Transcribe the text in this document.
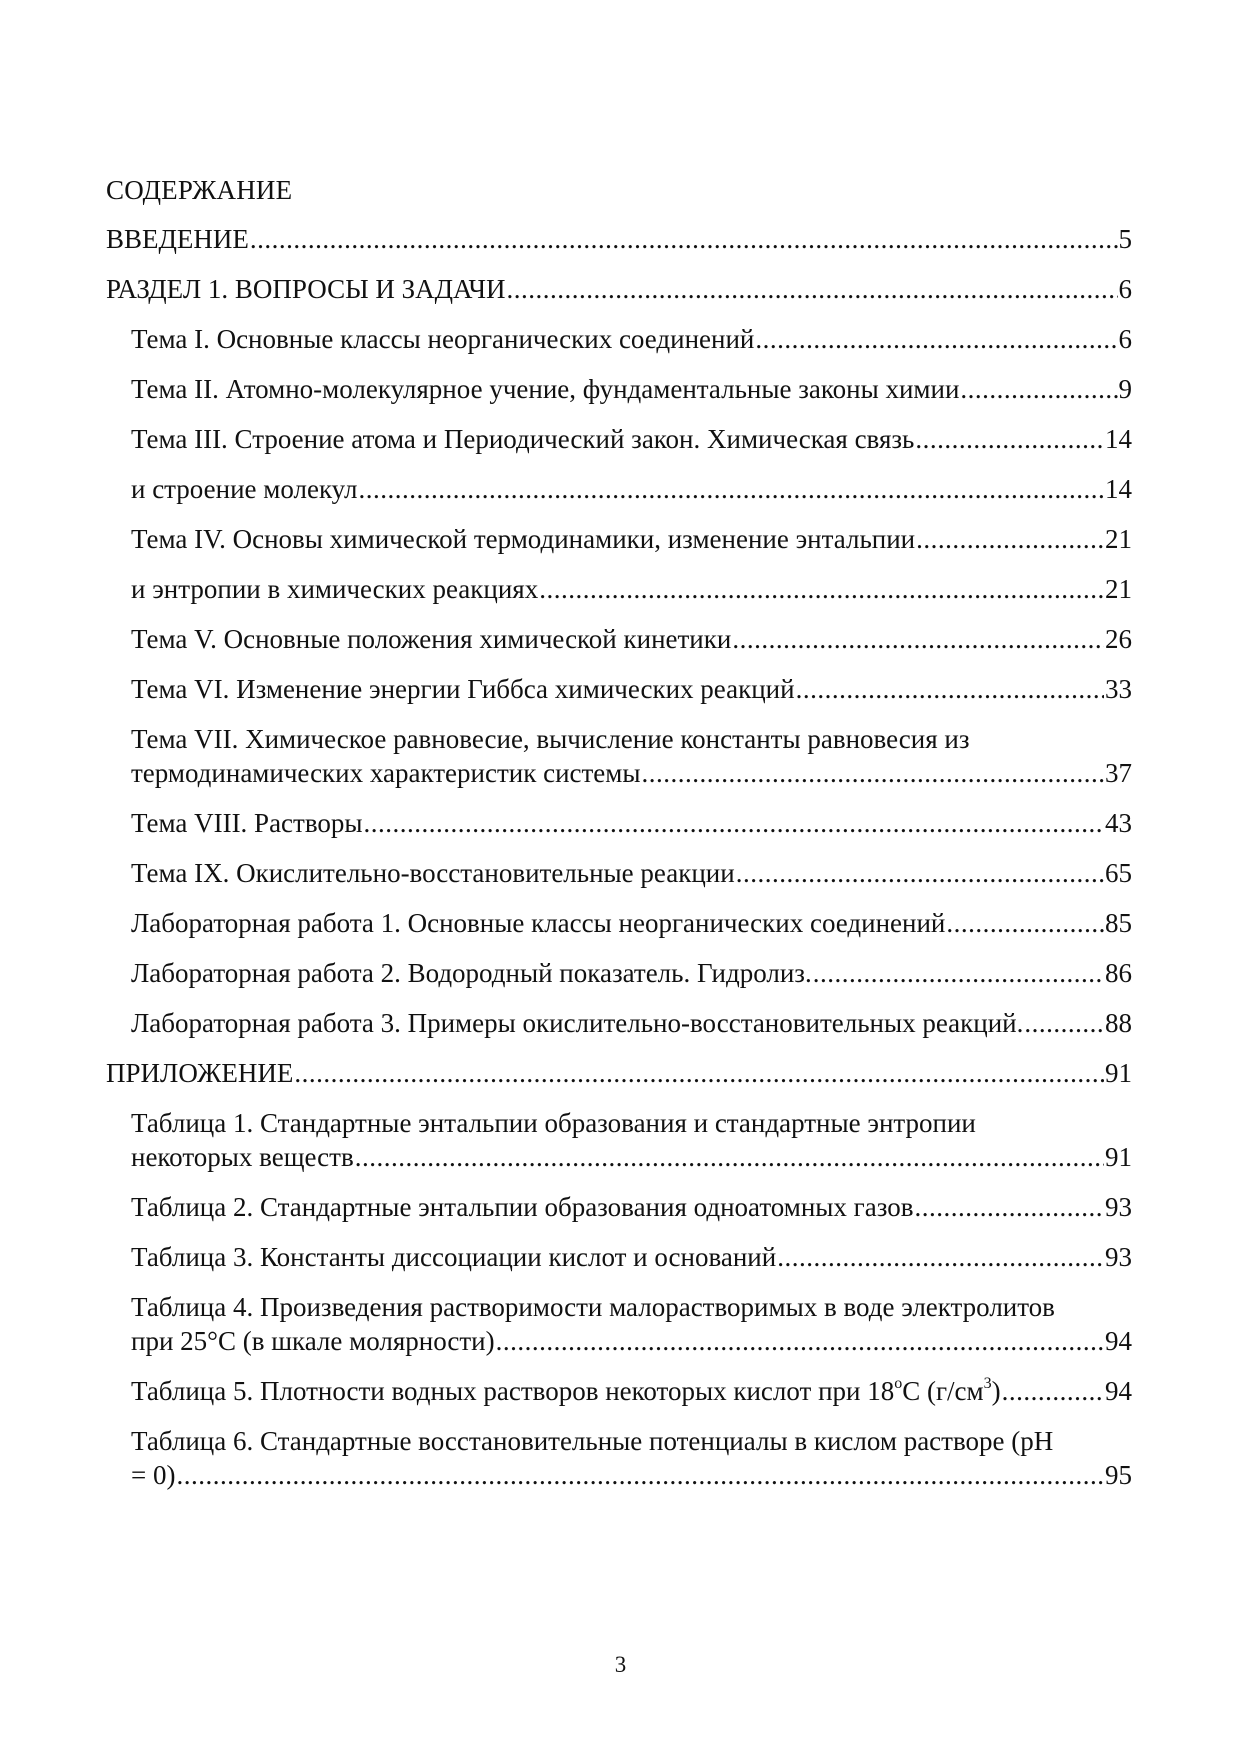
СОДЕРЖАНИЕ
ВВЕДЕНИЕ .....	5
РАЗДЕЛ 1. ВОПРОСЫ И ЗАДАЧИ .....	6
Тема I. Основные классы неорганических соединений .....	6
Тема II. Атомно-молекулярное учение, фундаментальные законы химии .....	9
Тема III. Строение атома и Периодический закон. Химическая связь .....	14
и строение молекул .....	14
Тема IV. Основы химической термодинамики, изменение энтальпии .....	21
и энтропии в химических реакциях .....	21
Тема V. Основные положения химической кинетики .....	26
Тема VI. Изменение энергии Гиббса химических реакций .....	33
Тема VII. Химическое равновесие, вычисление константы равновесия из
термодинамических характеристик системы .....	37
Тема VIII. Растворы .....	43
Тема IX. Окислительно-восстановительные реакции .....	65
Лабораторная работа 1. Основные классы неорганических соединений .....	85
Лабораторная работа 2. Водородный показатель. Гидролиз. .....	86
Лабораторная работа 3. Примеры окислительно-восстановительных реакций. .....	88
ПРИЛОЖЕНИЕ .....	91
Таблица 1. Стандартные энтальпии образования и стандартные энтропии
некоторых веществ .....	91
Таблица 2. Стандартные энтальпии образования одноатомных газов .....	93
Таблица 3. Константы диссоциации кислот и оснований .....	93
Таблица 4. Произведения растворимости малорастворимых в воде электролитов
при 25°C (в шкале молярности) .....	94
Таблица 5. Плотности водных растворов некоторых кислот при 18$^o$C $(г/см^3)$ .....	94
Таблица 6. Стандартные восстановительные потенциалы в кислом растворе (pH
= 0) .....	95
3
